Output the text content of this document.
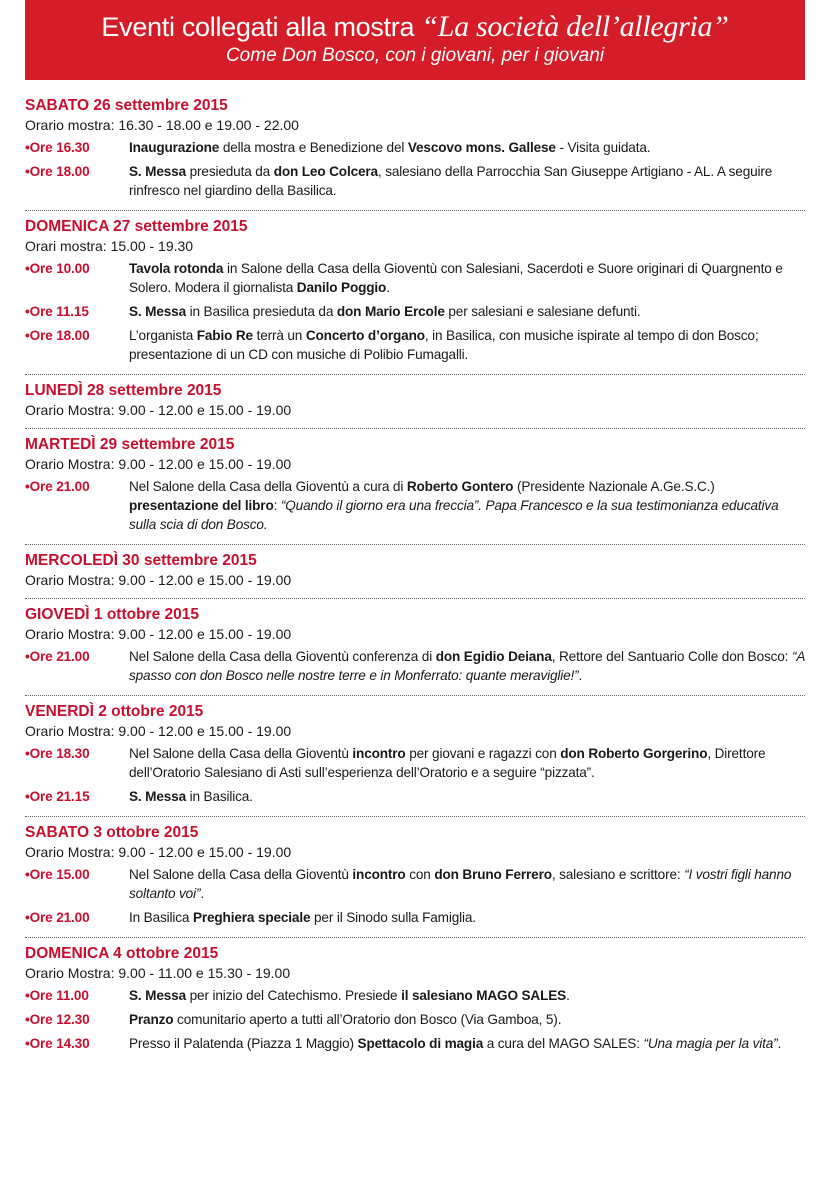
Eventi collegati alla mostra “La società dell’allegria”
Come Don Bosco, con i giovani, per i giovani
SABATO 26 settembre 2015
Orario mostra: 16.30 - 18.00 e 19.00 - 22.00
• Ore 16.30	Inaugurazione della mostra e Benedizione del Vescovo mons. Gallese - Visita guidata.
• Ore 18.00	S. Messa presieduta da don Leo Colcera, salesiano della Parrocchia San Giuseppe Artigiano - AL. A seguire rinfresco nel giardino della Basilica.
DOMENICA 27 settembre 2015
Orari mostra: 15.00 - 19.30
• Ore 10.00	Tavola rotonda in Salone della Casa della Gioventù con Salesiani, Sacerdoti e Suore originari di Quargnento e Solero. Modera il giornalista Danilo Poggio.
• Ore 11.15	S. Messa in Basilica presieduta da don Mario Ercole per salesiani e salesiane defunti.
• Ore 18.00	L’organista Fabio Re terrà un Concerto d’organo, in Basilica, con musiche ispirate al tempo di don Bosco; presentazione di un CD con musiche di Polibio Fumagalli.
LUNEDÌ 28 settembre 2015
Orario Mostra: 9.00 - 12.00 e 15.00 - 19.00
MARTEDÌ 29 settembre 2015
Orario Mostra: 9.00 - 12.00 e 15.00 - 19.00
• Ore 21.00	Nel Salone della Casa della Gioventù a cura di Roberto Gontero (Presidente Nazionale A.Ge.S.C.) presentazione del libro: “Quando il giorno era una freccia”. Papa Francesco e la sua testimonianza educativa sulla scia di don Bosco.
MERCOLEDÌ 30 settembre 2015
Orario Mostra: 9.00 - 12.00 e 15.00 - 19.00
GIOVEDÌ 1 ottobre 2015
Orario Mostra: 9.00 - 12.00 e 15.00 - 19.00
• Ore 21.00	Nel Salone della Casa della Gioventù conferenza di don Egidio Deiana, Rettore del Santuario Colle don Bosco: “A spasso con don Bosco nelle nostre terre e in Monferrato: quante meraviglie!”.
VENERDÌ 2 ottobre 2015
Orario Mostra: 9.00 - 12.00 e 15.00 - 19.00
• Ore 18.30	Nel Salone della Casa della Gioventù incontro per giovani e ragazzi con don Roberto Gorgerino, Direttore dell’Oratorio Salesiano di Asti sull’esperienza dell’Oratorio e a seguire “pizzata”.
• Ore 21.15	S. Messa in Basilica.
SABATO 3 ottobre 2015
Orario Mostra: 9.00 - 12.00 e 15.00 - 19.00
• Ore 15.00	Nel Salone della Casa della Gioventù incontro con don Bruno Ferrero, salesiano e scrittore: “I vostri figli hanno soltanto voi”.
• Ore 21.00	In Basilica Preghiera speciale per il Sinodo sulla Famiglia.
DOMENICA 4 ottobre 2015
Orario Mostra: 9.00 - 11.00 e 15.30 - 19.00
• Ore 11.00	S. Messa per inizio del Catechismo. Presiede il salesiano MAGO SALES.
• Ore 12.30	Pranzo comunitario aperto a tutti all’Oratorio don Bosco (Via Gamboa, 5).
• Ore 14.30	Presso il Palatenda (Piazza 1 Maggio) Spettacolo di magia a cura del MAGO SALES: “Una magia per la vita”.
